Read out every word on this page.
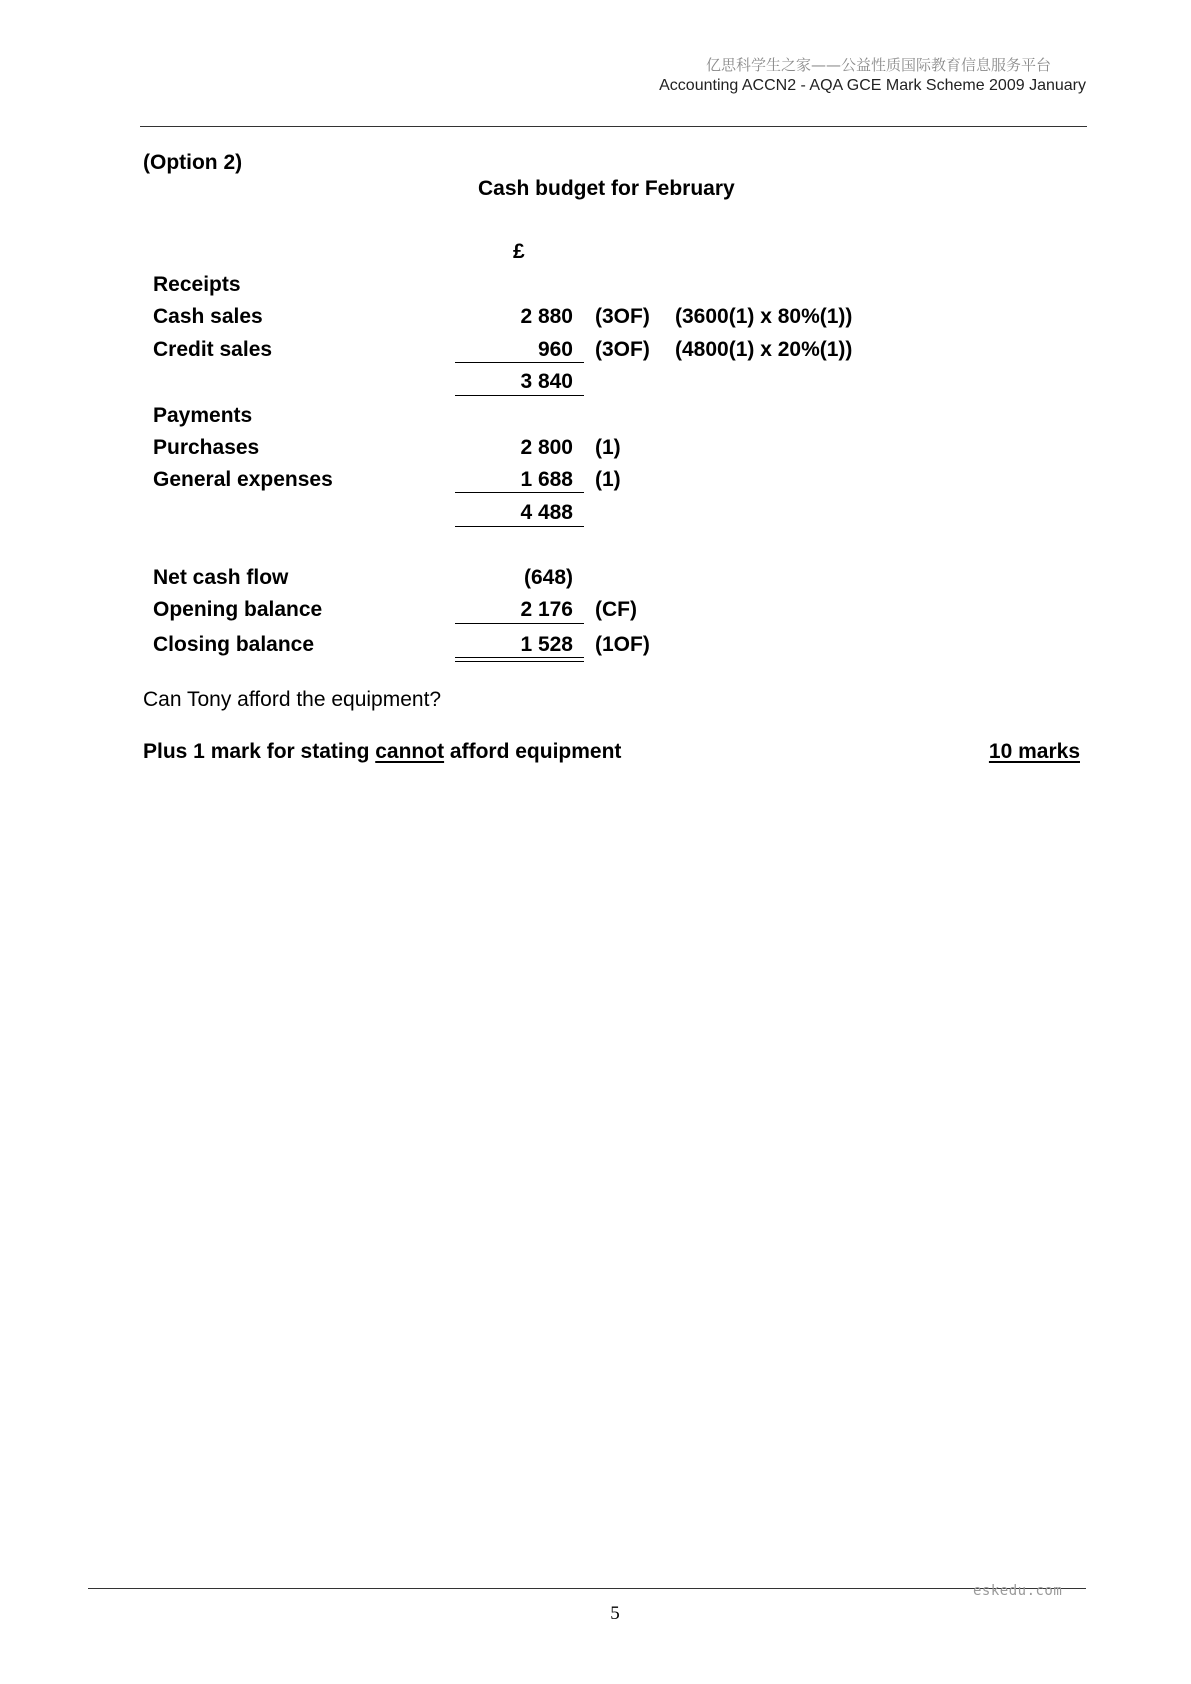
亿思科学生之家——公益性质国际教育信息服务平台
Accounting ACCN2 - AQA GCE Mark Scheme 2009 January
(Option 2)
Cash budget for February
£
Receipts
Cash sales	2 880 (3OF) (3600(1) x 80%(1))
Credit sales	960 (3OF) (4800(1) x 20%(1))
3 840
Payments
Purchases	2 800 (1)
General expenses	1 688 (1)
4 488
Net cash flow	(648)
Opening balance	2 176 (CF)
Closing balance	1 528 (1OF)
Can Tony afford the equipment?
Plus 1 mark for stating cannot afford equipment	10 marks
eskedu.com
5
